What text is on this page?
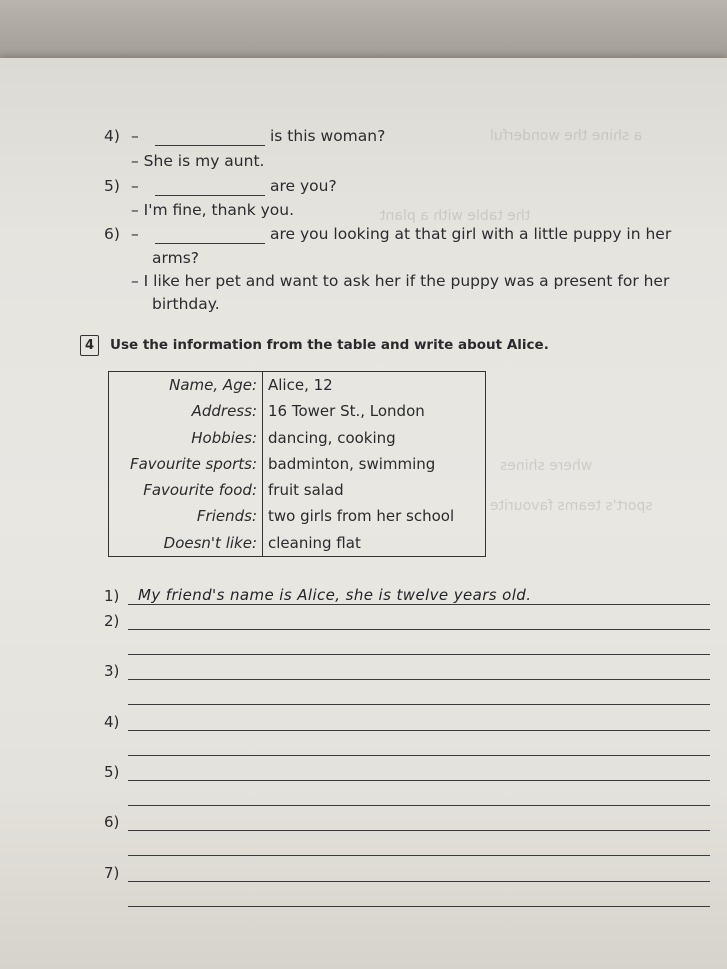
a shine the wonderful
the table with a plant
where shines
sport's teams favourite
4) –	is this woman?
– She is my aunt.
5) –	are you?
– I'm fine, thank you.
6) –	are you looking at that girl with a little puppy in her
arms?
– I like her pet and want to ask her if the puppy was a present for her
birthday.
4	Use the information from the table and write about Alice.
Name, Age:	Alice, 12
Address:	16 Tower St., London
Hobbies:	dancing, cooking
Favourite sports:	badminton, swimming
Favourite food:	fruit salad
Friends:	two girls from her school
Doesn't like:	cleaning flat
1) My friend's name is Alice, she is twelve years old.
2)
3)
4)
5)
6)
7)
